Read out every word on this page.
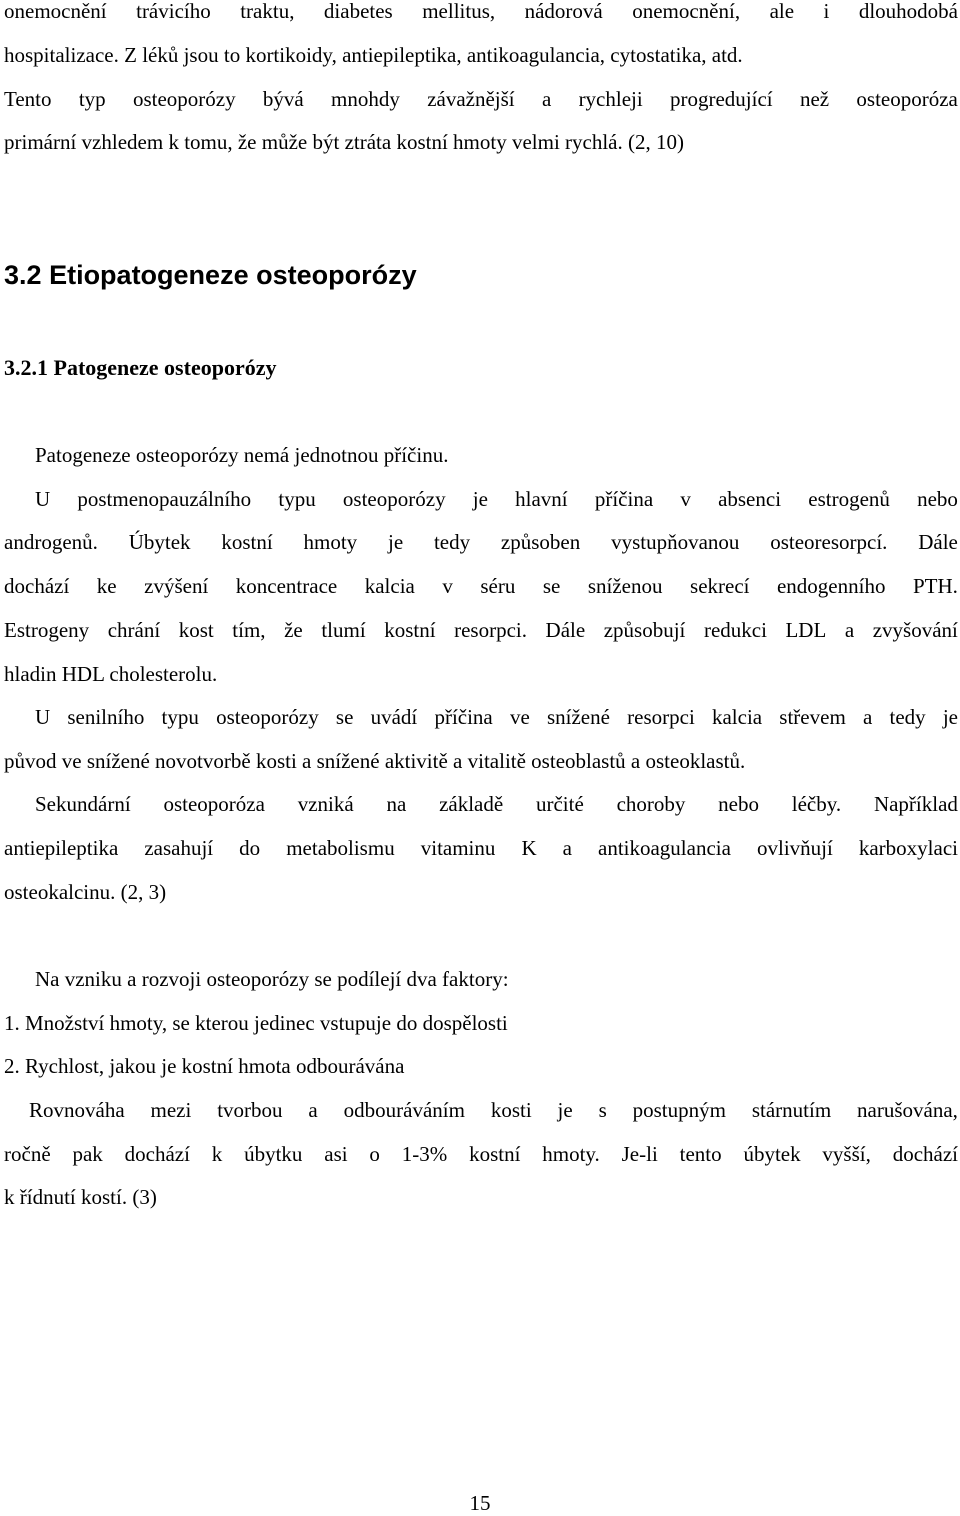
onemocnění trávicího traktu, diabetes mellitus, nádorová onemocnění, ale i dlouhodobá

hospitalizace. Z léků jsou to kortikoidy, antiepileptika, antikoagulancia, cytostatika, atd.

Tento typ osteoporózy bývá mnohdy závažnější a rychleji progredující než osteoporóza

primární vzhledem k tomu, že může být ztráta kostní hmoty velmi rychlá. (2, 10)

3.2 Etiopatogeneze osteoporózy
3.2.1 Patogeneze osteoporózy

Patogeneze osteoporózy nemá jednotnou příčinu.

U postmenopauzálního typu osteoporózy je hlavní příčina v absenci estrogenů nebo

androgenů. Úbytek kostní hmoty je tedy způsoben vystupňovanou osteoresorpcí. Dále

dochází ke zvýšení koncentrace kalcia v séru se sníženou sekrecí endogenního PTH.

Estrogeny chrání kost tím, že tlumí kostní resorpci. Dále způsobují redukci LDL a zvyšování

hladin HDL cholesterolu.

U senilního typu osteoporózy se uvádí příčina ve snížené resorpci kalcia střevem a tedy je

původ ve snížené novotvorbě kosti a snížené aktivitě a vitalitě osteoblastů a osteoklastů.

Sekundární osteoporóza vzniká na základě určité choroby nebo léčby. Například

antiepileptika zasahují do metabolismu vitaminu K a antikoagulancia ovlivňují karboxylaci

osteokalcinu. (2, 3)

Na vzniku a rozvoji osteoporózy se podílejí dva faktory:

1. Množství hmoty, se kterou jedinec vstupuje do dospělosti

2. Rychlost, jakou je kostní hmota odbourávána

Rovnováha mezi tvorbou a odbouráváním kosti je s postupným stárnutím narušována,

ročně pak dochází k úbytku asi o 1-3% kostní hmoty. Je-li tento úbytek vyšší, dochází

k řídnutí kostí. (3)

15
